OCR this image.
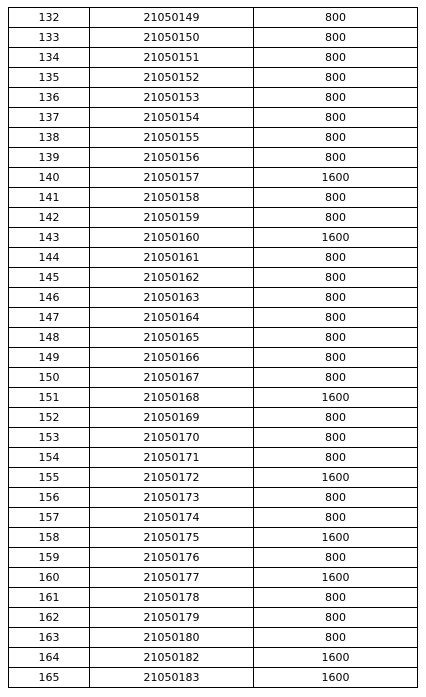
132	21050149	800
133	21050150	800
134	21050151	800
135	21050152	800
136	21050153	800
137	21050154	800
138	21050155	800
139	21050156	800
140	21050157	1600
141	21050158	800
142	21050159	800
143	21050160	1600
144	21050161	800
145	21050162	800
146	21050163	800
147	21050164	800
148	21050165	800
149	21050166	800
150	21050167	800
151	21050168	1600
152	21050169	800
153	21050170	800
154	21050171	800
155	21050172	1600
156	21050173	800
157	21050174	800
158	21050175	1600
159	21050176	800
160	21050177	1600
161	21050178	800
162	21050179	800
163	21050180	800
164	21050182	1600
165	21050183	1600
